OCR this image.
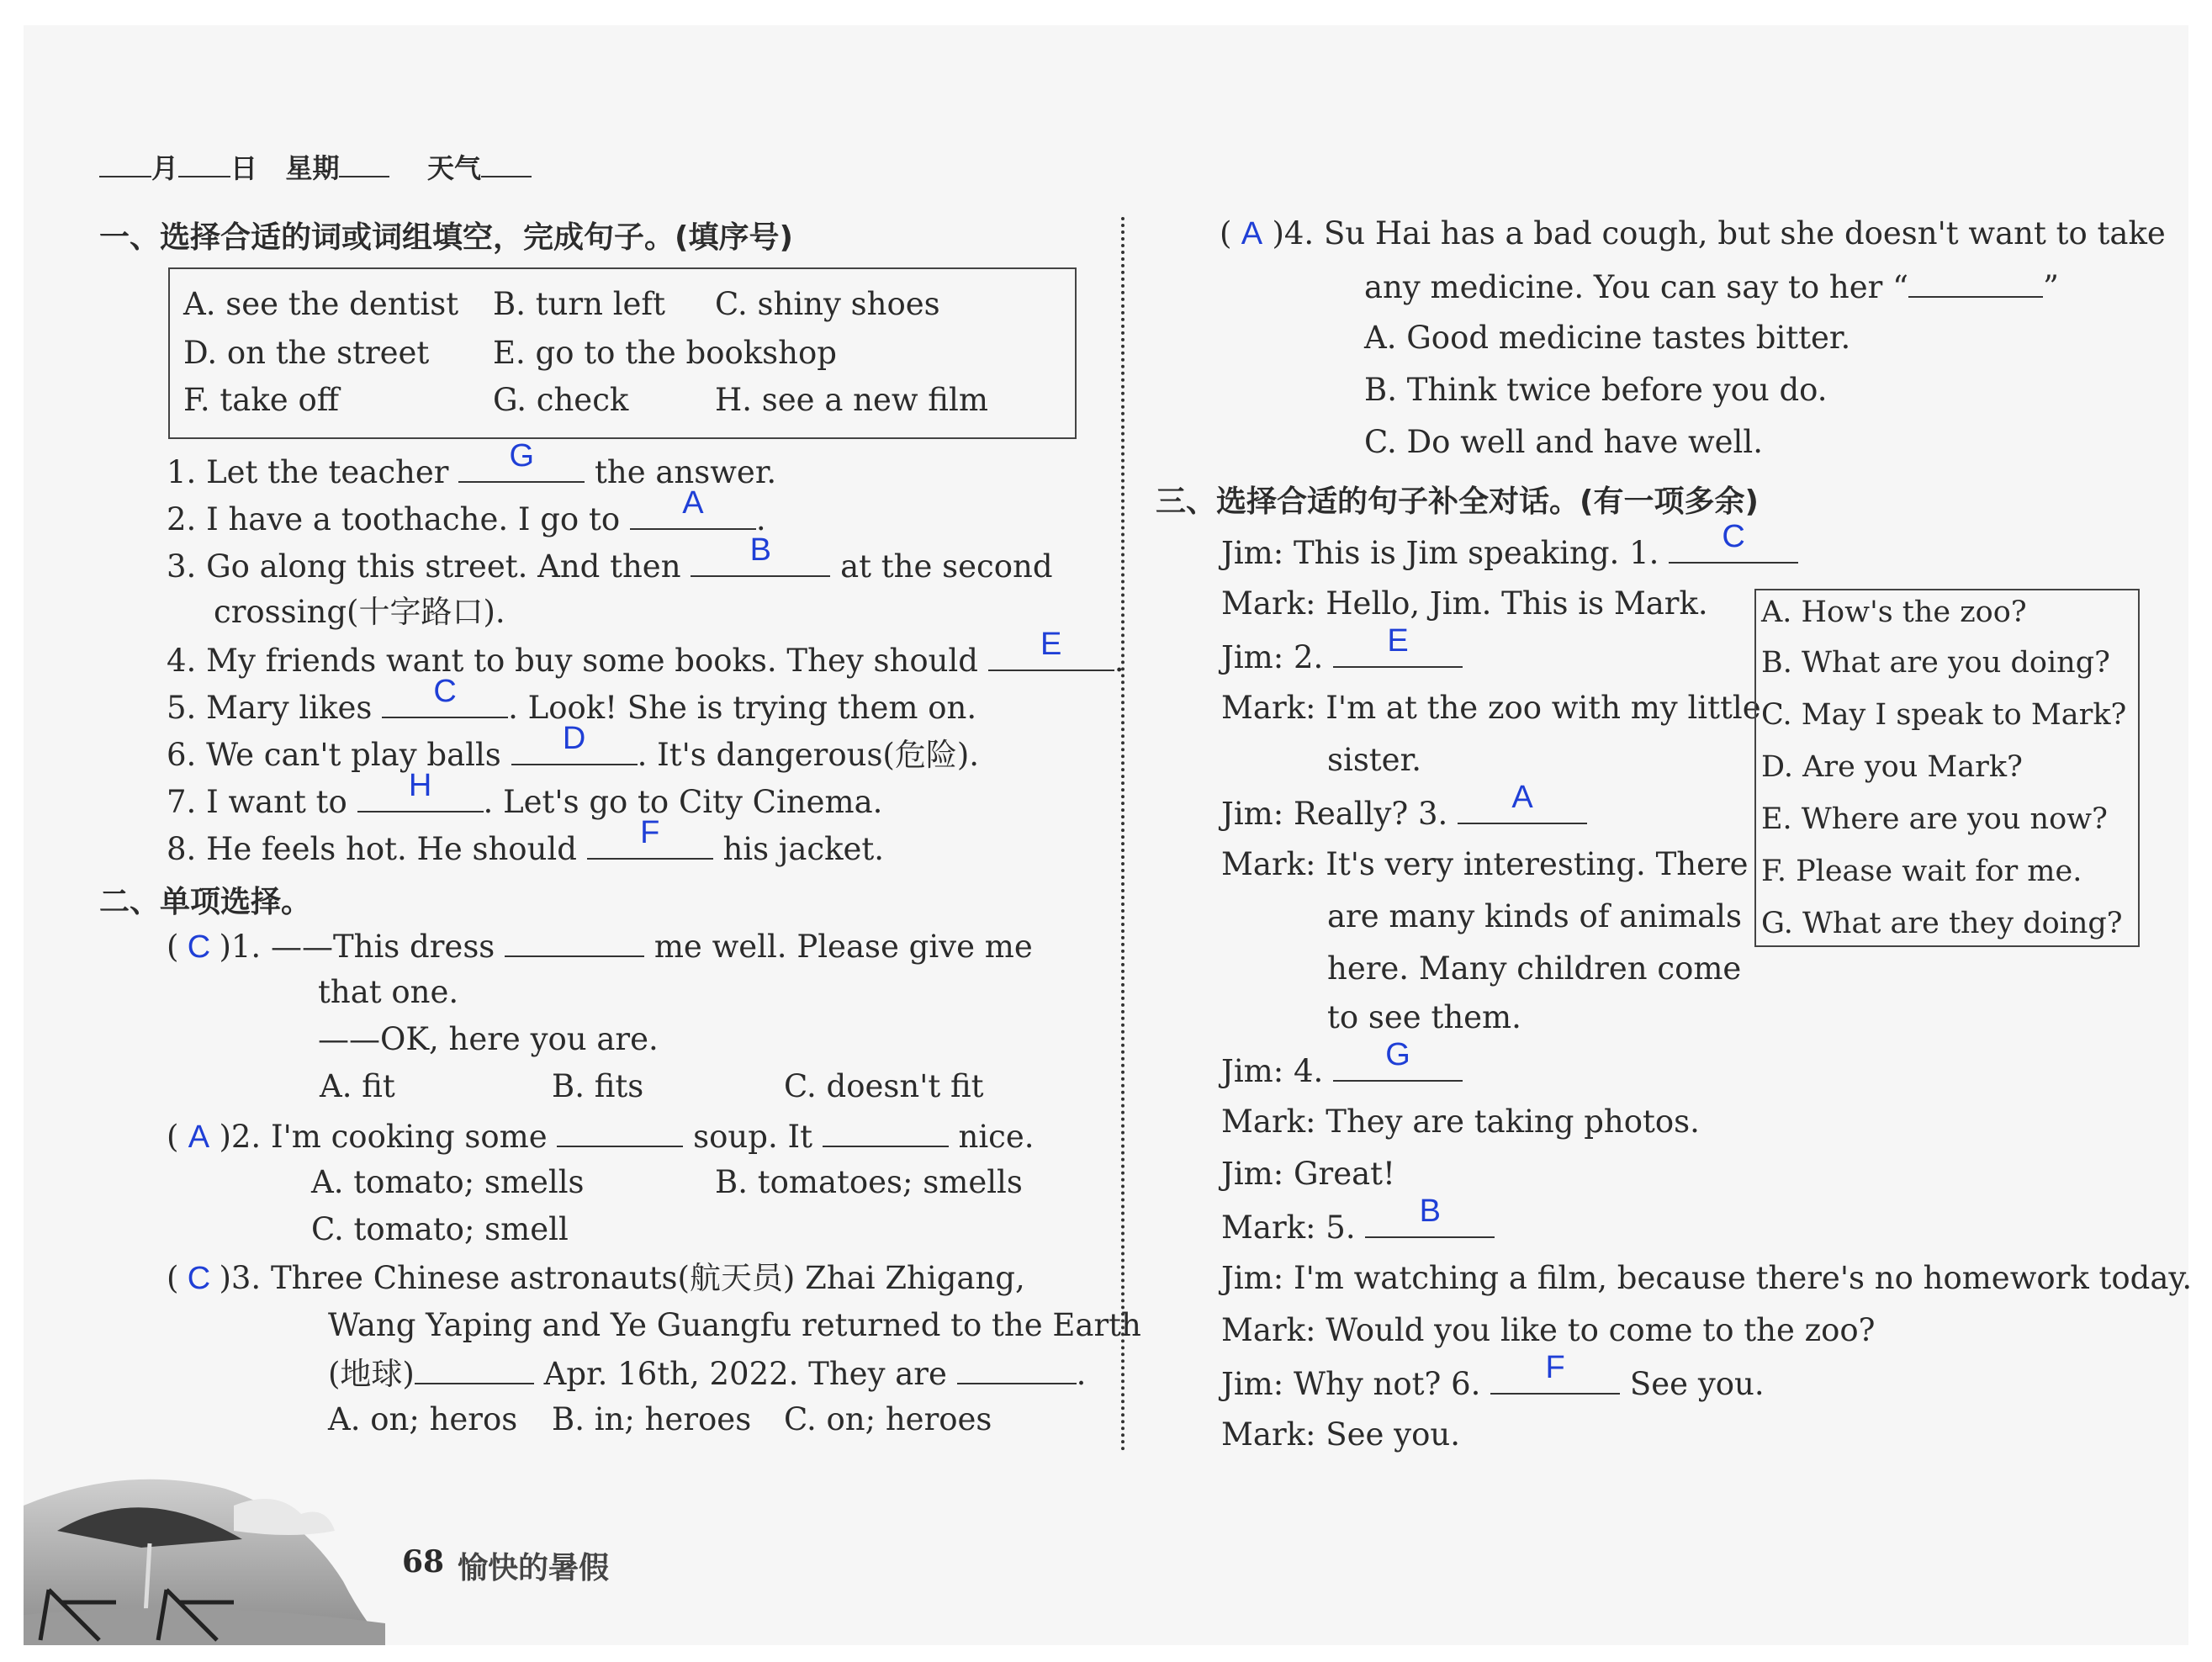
月 日 星期	天气
一、选择合适的词或词组填空，完成句子。(填序号)
A. see the dentist B. turn left C. shiny shoes
D. on the street E. go to the bookshop
F. take off	G. check	H. see a new film
1. Let the teacher	G	the answer.
2. I have a toothache. I go to	A	.
3. Go along this street. And then	B	at the second
crossing(十字路口).
4. My friends want to buy some books. They should	E	.
5. Mary likes	C	. Look! She is trying them on.
6. We can't play balls	D	. It's dangerous(危险).
7. I want to	H	. Let's go to City Cinema.
8. He feels hot. He should	F	his jacket.
二、单项选择。
( C )1. ——This dress	me well. Please give me
that one.
——OK, here you are.
A. fit	B. fits	C. doesn't fit
( A )2. I'm cooking some	soup. It	nice.
A. tomato; smells	B. tomatoes; smells
C. tomato; smell
( C )3. Three Chinese astronauts(航天员) Zhai Zhigang,
Wang Yaping and Ye Guangfu returned to the Earth
(地球)	Apr. 16th, 2022. They are	.
A. on; heros B. in; heroes C. on; heroes
( A )4. Su Hai has a bad cough, but she doesn't want to take
any medicine. You can say to her “	”
A. Good medicine tastes bitter.
B. Think twice before you do.
C. Do well and have well.
三、选择合适的句子补全对话。(有一项多余)
Jim: This is Jim speaking. 1.	C
Mark: Hello, Jim. This is Mark.
Jim: 2.	E
Mark: I'm at the zoo with my little
sister.
Jim: Really? 3.	A
Mark: It's very interesting. There
are many kinds of animals
here. Many children come
to see them.
Jim: 4.	G
Mark: They are taking photos.
Jim: Great!
Mark: 5.	B
Jim: I'm watching a film, because there's no homework today.
Mark: Would you like to come to the zoo?
Jim: Why not? 6.	F	See you.
Mark: See you.
A. How's the zoo?
B. What are you doing?
C. May I speak to Mark?
D. Are you Mark?
E. Where are you now?
F. Please wait for me.
G. What are they doing?
68 愉快的暑假
